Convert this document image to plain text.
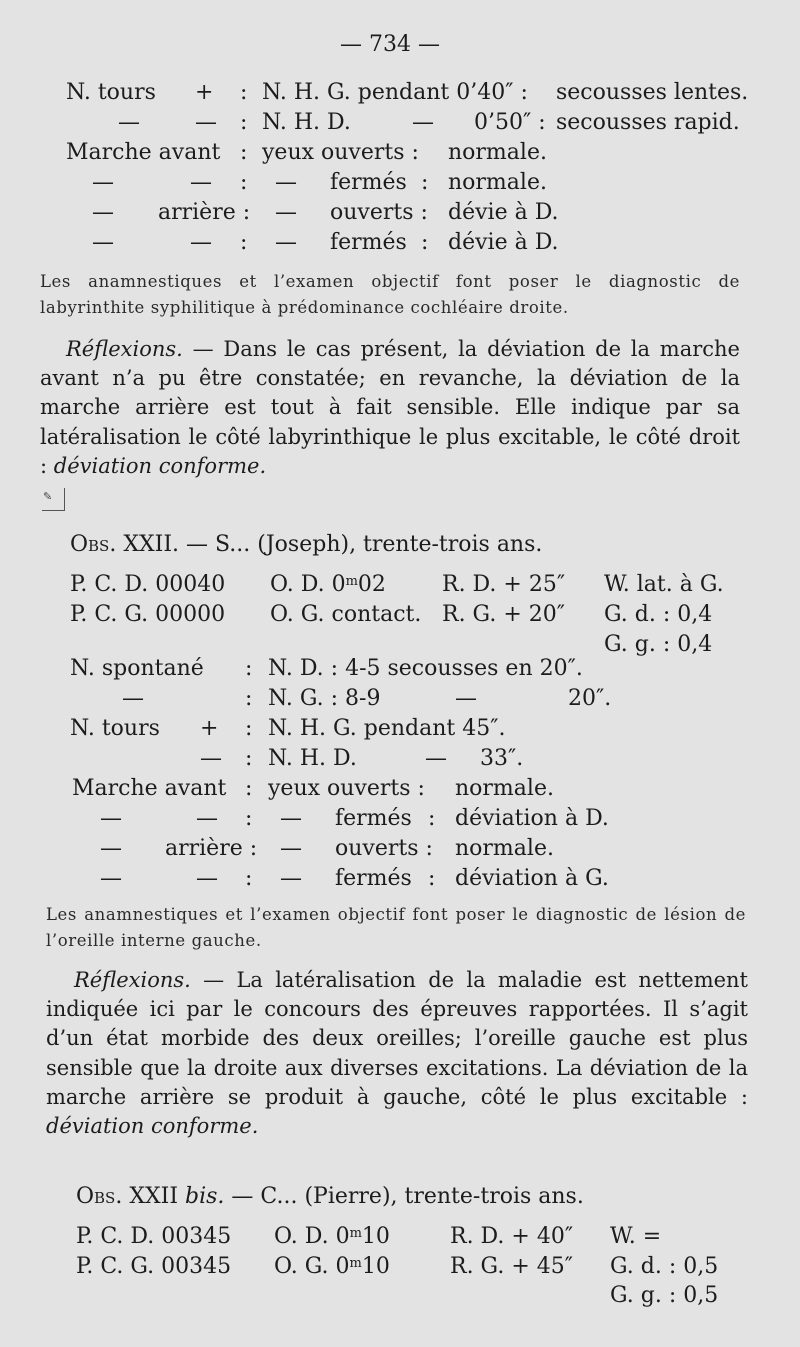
— 734 —
N. tours + : N. H. G. pendant 0’40″ : secousses lentes.
—	— : N. H. D.	— 0’50″ : secousses rapid.
Marche avant : yeux ouverts : normale.
—	— : — fermés : normale.
— arrière : — ouverts : dévie à D.
—	— : — fermés : dévie à D.
Les anamnestiques et l’examen objectif font poser le diagnostic de labyrinthite syphilitique à prédominance cochléaire droite.
Réflexions. — Dans le cas présent, la déviation de la marche avant n’a pu être constatée; en revanche, la déviation de la marche arrière est tout à fait sensible. Elle indique par sa latéralisation le côté labyrinthique le plus excitable, le côté droit : déviation conforme.
✎
Obs. XXII. — S... (Joseph), trente-trois ans.
P. C. D. 00040 O. D. 0$^m$02	R. D. + 25″ W. lat. à G.
P. C. G. 00000 O. G. contact. R. G. + 20″ G. d. : 0,4
G. g. : 0,4
N. spontané : N. D. : 4-5 secousses en 20″.
—	: N. G. : 8-9	—	20″.
N. tours + : N. H. G. pendant 45″.
— : N. H. D.	— 33″.
Marche avant : yeux ouverts : normale.
—	— : — fermés : déviation à D.
— arrière : — ouverts : normale.
—	— : — fermés : déviation à G.
Les anamnestiques et l’examen objectif font poser le diagnostic de lésion de l’oreille interne gauche.
Réflexions. — La latéralisation de la maladie est nettement indiquée ici par le concours des épreuves rapportées. Il s’agit d’un état morbide des deux oreilles; l’oreille gauche est plus sensible que la droite aux diverses excitations. La déviation de la marche arrière se produit à gauche, côté le plus excitable : déviation conforme.
Obs. XXII bis. — C... (Pierre), trente-trois ans.
P. C. D. 00345 O. D. 0$^m$10	R. D. + 40″ W. =
P. C. G. 00345 O. G. 0$^m$10	R. G. + 45″ G. d. : 0,5
G. g. : 0,5
